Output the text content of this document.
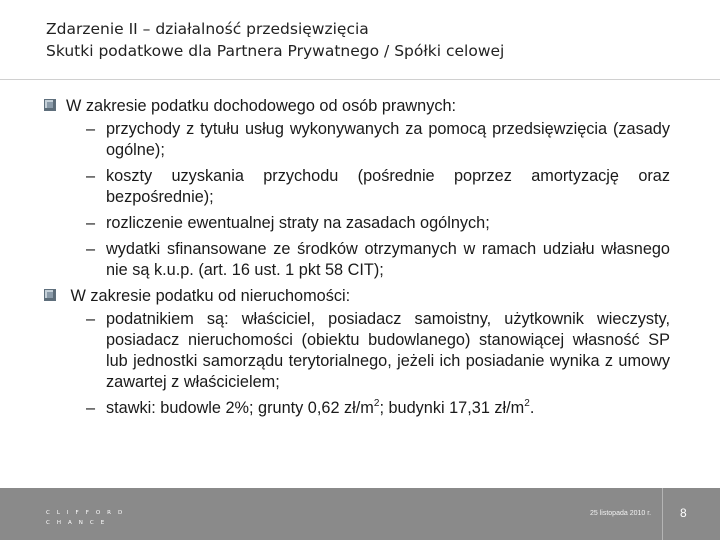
Zdarzenie II – działalność przedsięwzięcia
Skutki podatkowe dla Partnera Prywatnego / Spółki celowej
W zakresie podatku dochodowego od osób prawnych:
– przychody z tytułu usług wykonywanych za pomocą przedsięwzięcia (zasady ogólne);
– koszty uzyskania przychodu (pośrednie poprzez amortyzację oraz bezpośrednie);
– rozliczenie ewentualnej straty na zasadach ogólnych;
– wydatki sfinansowane ze środków otrzymanych w ramach udziału własnego nie są k.u.p. (art. 16 ust. 1 pkt 58 CIT);
W zakresie podatku od nieruchomości:
– podatnikiem są: właściciel, posiadacz samoistny, użytkownik wieczysty, posiadacz nieruchomości (obiektu budowlanego) stanowiącej własność SP lub jednostki samorządu terytorialnego, jeżeli ich posiadanie wynika z umowy zawartej z właścicielem;
– stawki: budowle 2%; grunty 0,62 $zł/m^2$; budynki 17,31 $zł/m^2$.
CLIFFORD
CHANCE
25 listopada 2010 r. 8
